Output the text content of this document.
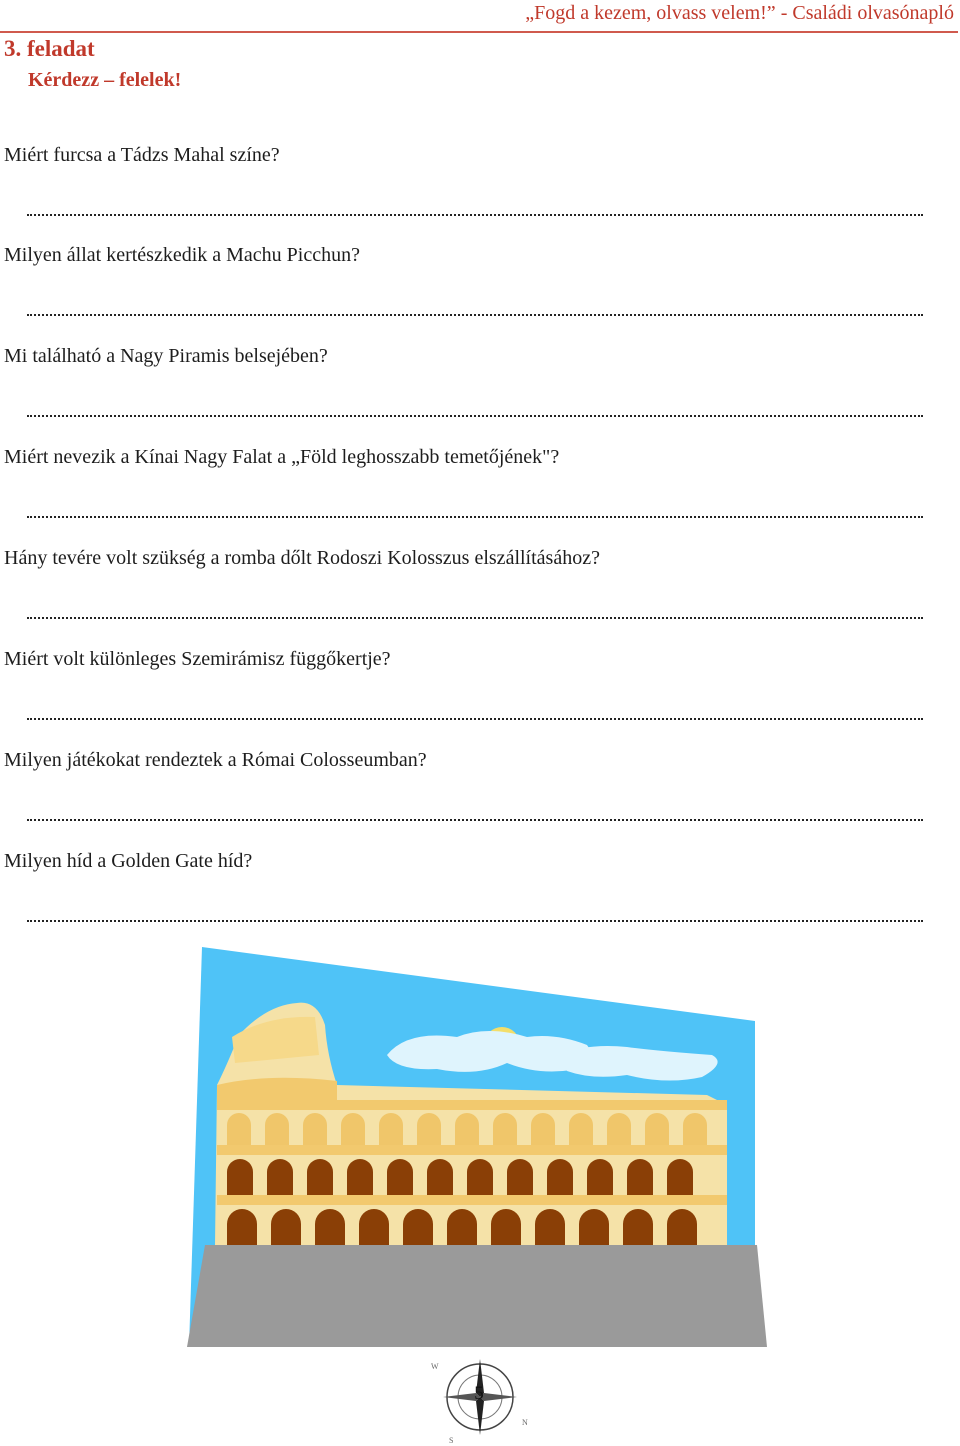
„Fogd a kezem, olvass velem!” - Családi olvasónapló
3. feladat
Kérdezz – felelek!
Miért furcsa a Tádzs Mahal színe?
Milyen állat kertészkedik a Machu Picchun?
Mi található a Nagy Piramis belsejében?
Miért nevezik a Kínai Nagy Falat a „Föld leghosszabb temetőjének"?
Hány tevére volt szükség a romba dőlt Rodoszi Kolosszus elszállításához?
Miért volt különleges Szemirámisz függőkertje?
Milyen játékokat rendeztek a Római Colosseumban?
Milyen híd a Golden Gate híd?
W
N
S
5
